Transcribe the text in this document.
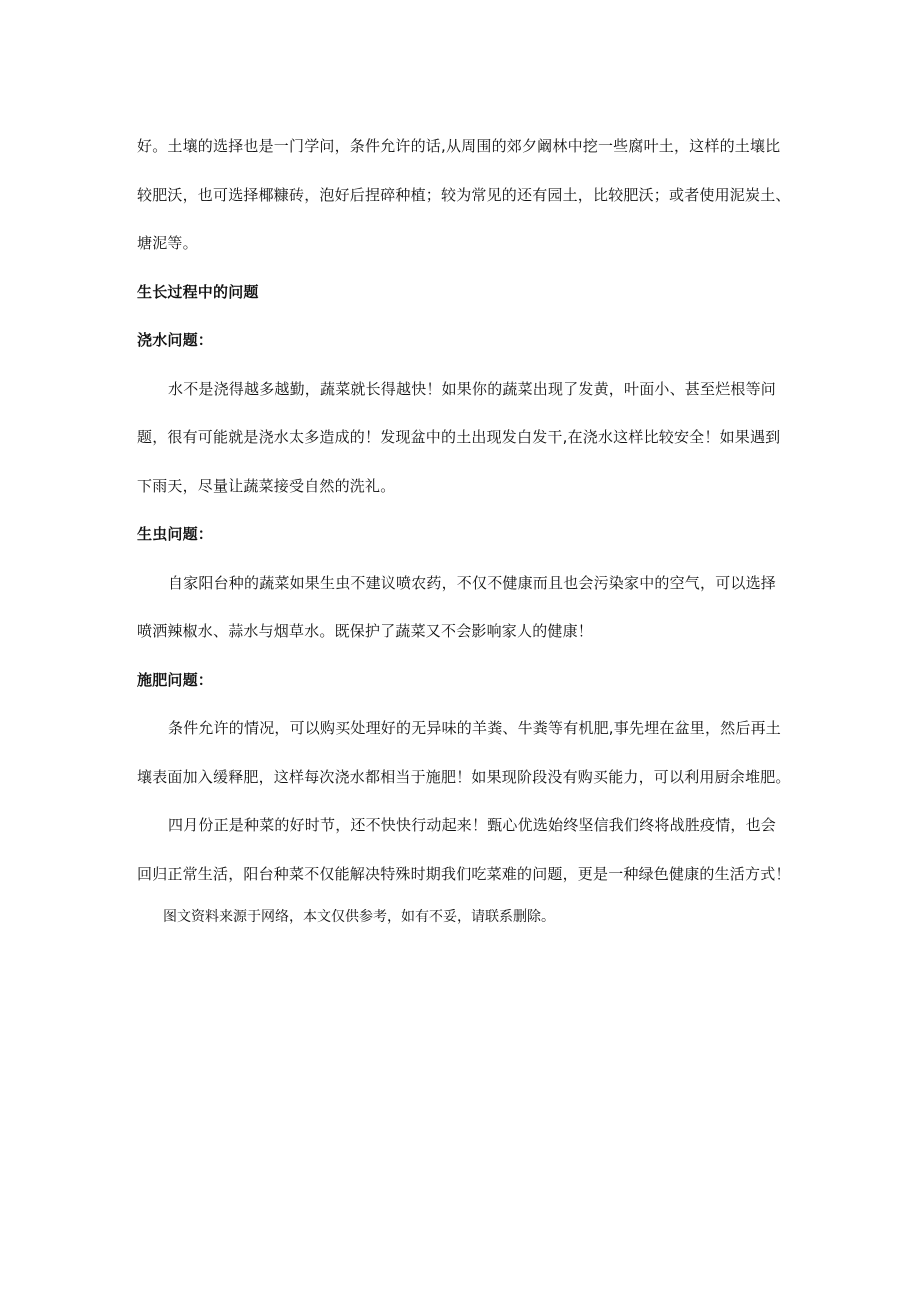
好。土壤的选择也是一门学问，条件允许的话,从周围的郊夕阚林中挖一些腐叶土，这样的土壤比
较肥沃，也可选择椰糠砖，泡好后捏碎种植；较为常见的还有园土，比较肥沃；或者使用泥炭土、
塘泥等。
生长过程中的问题
浇水问题：
水不是浇得越多越勤，蔬菜就长得越快！如果你的蔬菜出现了发黄，叶面小、甚至烂根等问
题，很有可能就是浇水太多造成的！发现盆中的土出现发白发干,在浇水这样比较安全！如果遇到
下雨天，尽量让蔬菜接受自然的洗礼。
生虫问题：
自家阳台种的蔬菜如果生虫不建议喷农药，不仅不健康而且也会污染家中的空气，可以选择
喷洒辣椒水、蒜水与烟草水。既保护了蔬菜又不会影响家人的健康！
施肥问题：
条件允许的情况，可以购买处理好的无异味的羊粪、牛粪等有机肥,事先埋在盆里，然后再土
壤表面加入缓释肥，这样每次浇水都相当于施肥！如果现阶段没有购买能力，可以利用厨余堆肥。
四月份正是种菜的好时节，还不快快行动起来！甄心优选始终坚信我们终将战胜疫情，也会
回归正常生活，阳台种菜不仅能解决特殊时期我们吃菜难的问题，更是一种绿色健康的生活方式！
图文资料来源于网络，本文仅供参考，如有不妥，请联系删除。
